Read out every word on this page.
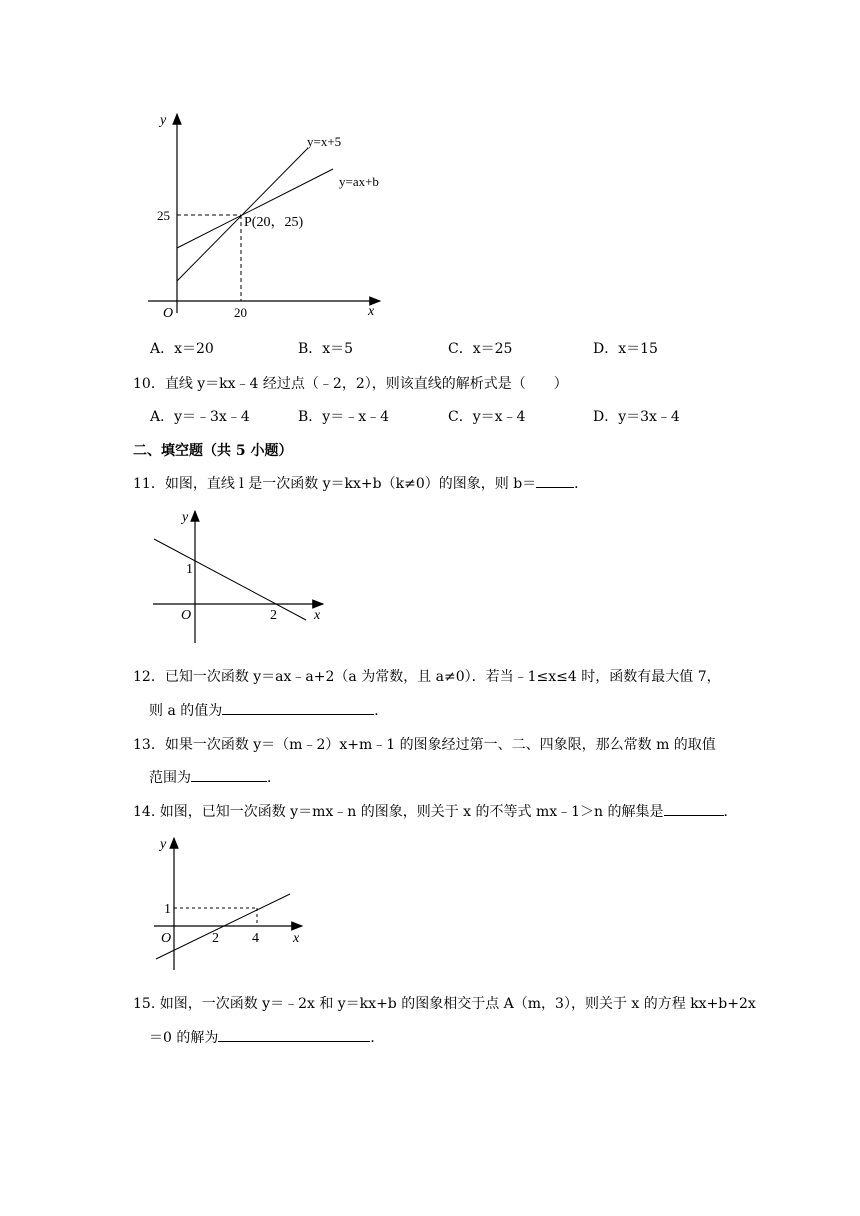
y
x
O
25
20
y=x+5
y=ax+b
P(20，25)
A．x＝20	B．x＝5	C．x＝25	D．x＝15
10．直线 y＝kx﹣4 经过点（﹣2，2），则该直线的解析式是（　　）
A．y＝﹣3x﹣4	B．y＝﹣x﹣4	C．y＝x﹣4	D．y＝3x﹣4
二、填空题（共 5 小题）
11．如图，直线 l 是一次函数 y＝kx+b（k≠0）的图象，则 b＝	．
y
x
O
1
2
12．已知一次函数 y＝ax﹣a+2（a 为常数，且 a≠0）．若当﹣1≤x≤4 时，函数有最大值 7，
则 a 的值为	．
13．如果一次函数 y＝（m﹣2）x+m﹣1 的图象经过第一、二、四象限，那么常数 m 的取值
范围为	．
14. 如图，已知一次函数 y＝mx﹣n 的图象，则关于 x 的不等式 mx﹣1＞n 的解集是	．
y
x
O
1
2 4
15. 如图，一次函数 y＝﹣2x 和 y＝kx+b 的图象相交于点 A（m，3），则关于 x 的方程 kx+b+2x
＝0 的解为	．
